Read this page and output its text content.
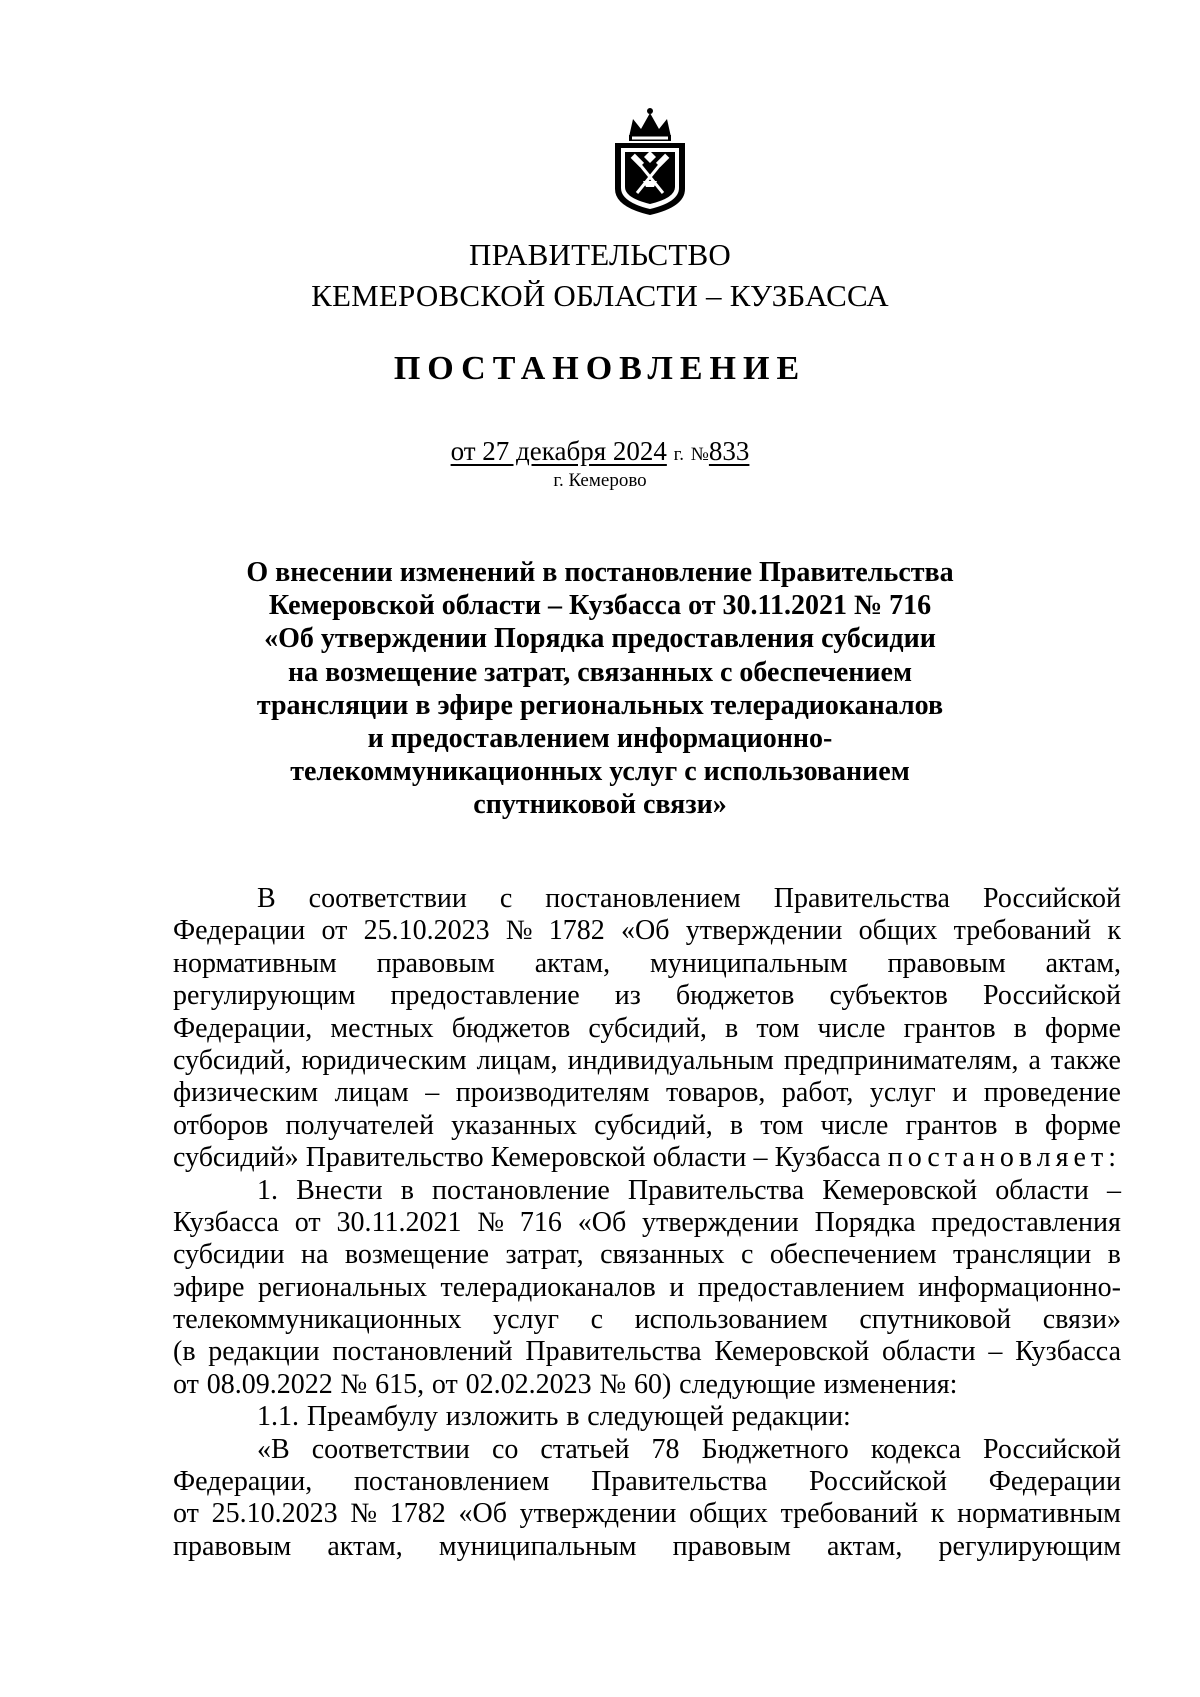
ПРАВИТЕЛЬСТВО
КЕМЕРОВСКОЙ ОБЛАСТИ – КУЗБАССА
ПОСТАНОВЛЕНИЕ
от 27 декабря 2024 г. №833
г. Кемерово
О внесении изменений в постановление Правительства
Кемеровской области – Кузбасса от 30.11.2021 № 716
«Об утверждении Порядка предоставления субсидии
на возмещение затрат, связанных с обеспечением
трансляции в эфире региональных телерадиоканалов
и предоставлением информационно-
телекоммуникационных услуг с использованием
спутниковой связи»
В соответствии с постановлением Правительства Российской
Федерации от 25.10.2023 № 1782 «Об утверждении общих требований к
нормативным правовым актам, муниципальным правовым актам,
регулирующим предоставление из бюджетов субъектов Российской
Федерации, местных бюджетов субсидий, в том числе грантов в форме
субсидий, юридическим лицам, индивидуальным предпринимателям, а также
физическим лицам – производителям товаров, работ, услуг и проведение
отборов получателей указанных субсидий, в том числе грантов в форме
субсидий» Правительство Кемеровской области – Кузбасса постановляет:
1. Внести в постановление Правительства Кемеровской области –
Кузбасса от 30.11.2021 № 716 «Об утверждении Порядка предоставления
субсидии на возмещение затрат, связанных с обеспечением трансляции в
эфире региональных телерадиоканалов и предоставлением информационно-
телекоммуникационных услуг с использованием спутниковой связи»
(в редакции постановлений Правительства Кемеровской области – Кузбасса
от 08.09.2022 № 615, от 02.02.2023 № 60) следующие изменения:
1.1. Преамбулу изложить в следующей редакции:
«В соответствии со статьей 78 Бюджетного кодекса Российской
Федерации, постановлением Правительства Российской Федерации
от 25.10.2023 № 1782 «Об утверждении общих требований к нормативным
правовым актам, муниципальным правовым актам, регулирующим
